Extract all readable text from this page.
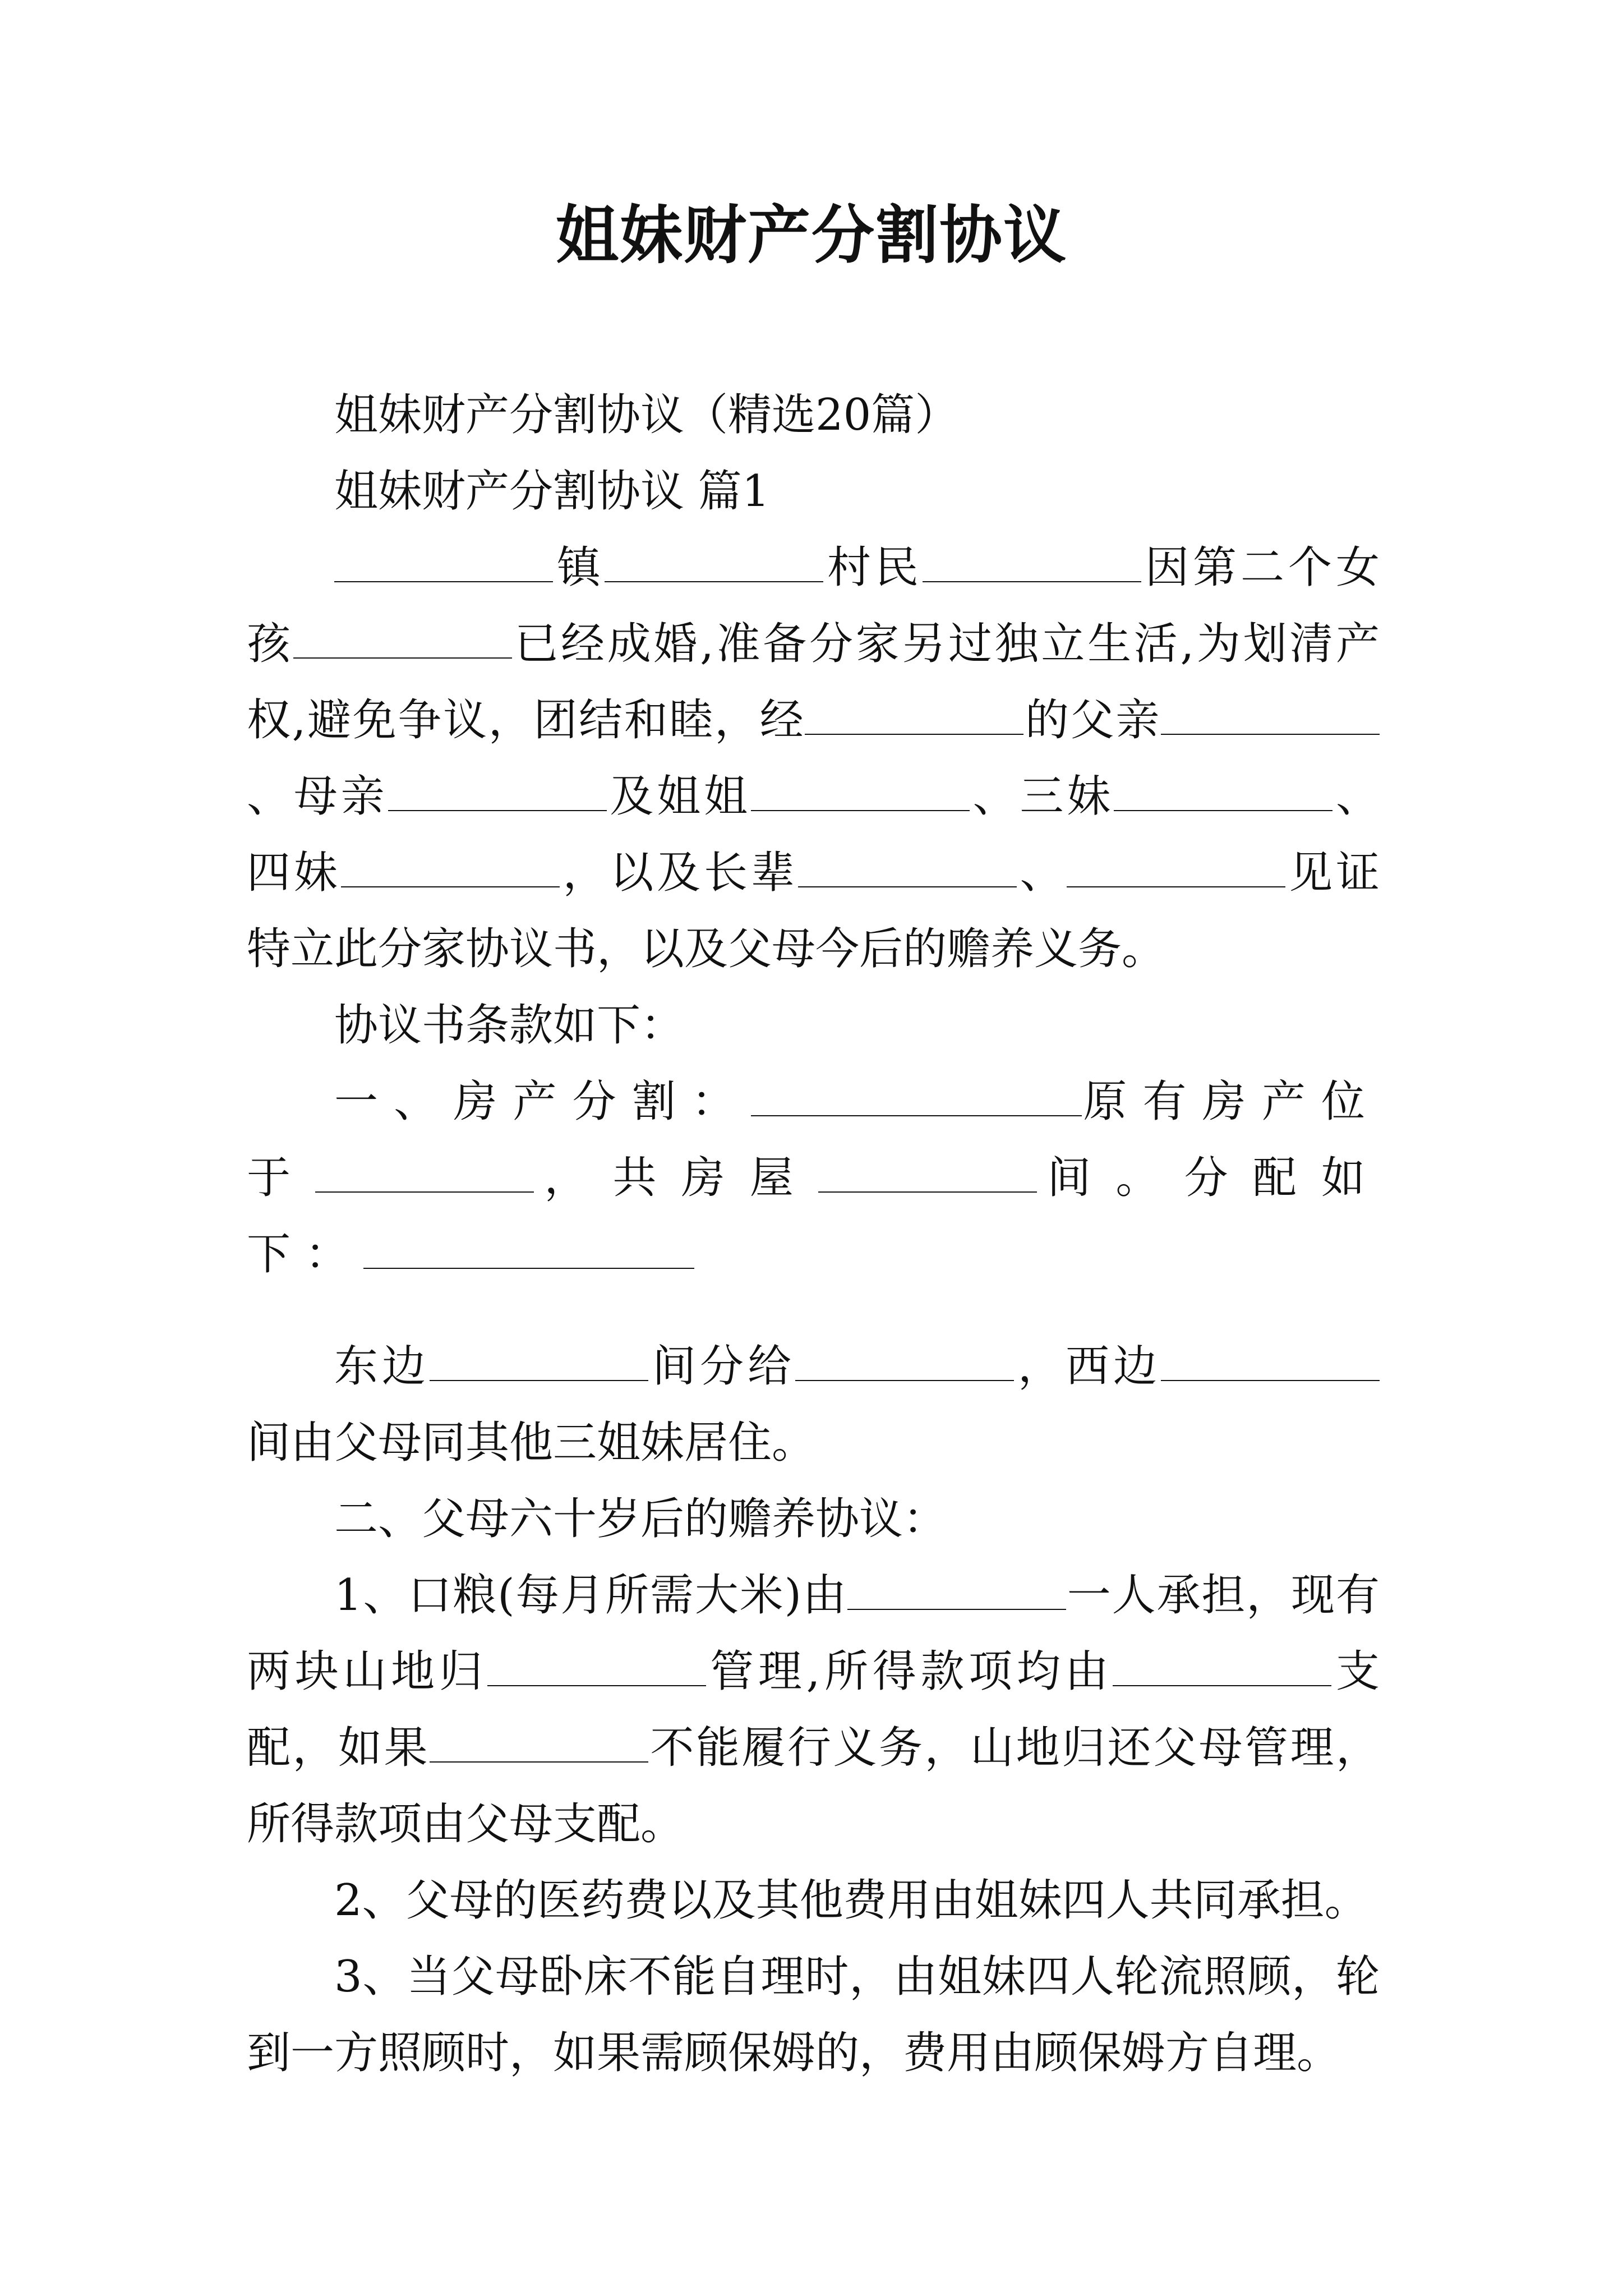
姐妹财产分割协议

姐妹财产分割协议（精选20篇）

姐妹财产分割协议 篇1

镇	村民	因第二个女孩	已经成婚,准备分家另过独立生活,为划清产权,避免争议，团结和睦，经	的父亲、母亲	及姐姐	、三妹	、四妹	，以及长辈	、	见证特立此分家协议书，以及父母今后的赡养义务。

协议书条款如下：

一、房产分割：	原有房产位于	，共房屋	间。分配如下：

东边	间分给	，西边间由父母同其他三姐妹居住。

二、父母六十岁后的赡养协议：

1、口粮(每月所需大米)由	一人承担，现有两块山地归	管理,所得款项均由	支配，如果	不能履行义务，山地归还父母管理，所得款项由父母支配。

2、父母的医药费以及其他费用由姐妹四人共同承担。

3、当父母卧床不能自理时，由姐妹四人轮流照顾，轮到一方照顾时，如果需顾保姆的，费用由顾保姆方自理。
